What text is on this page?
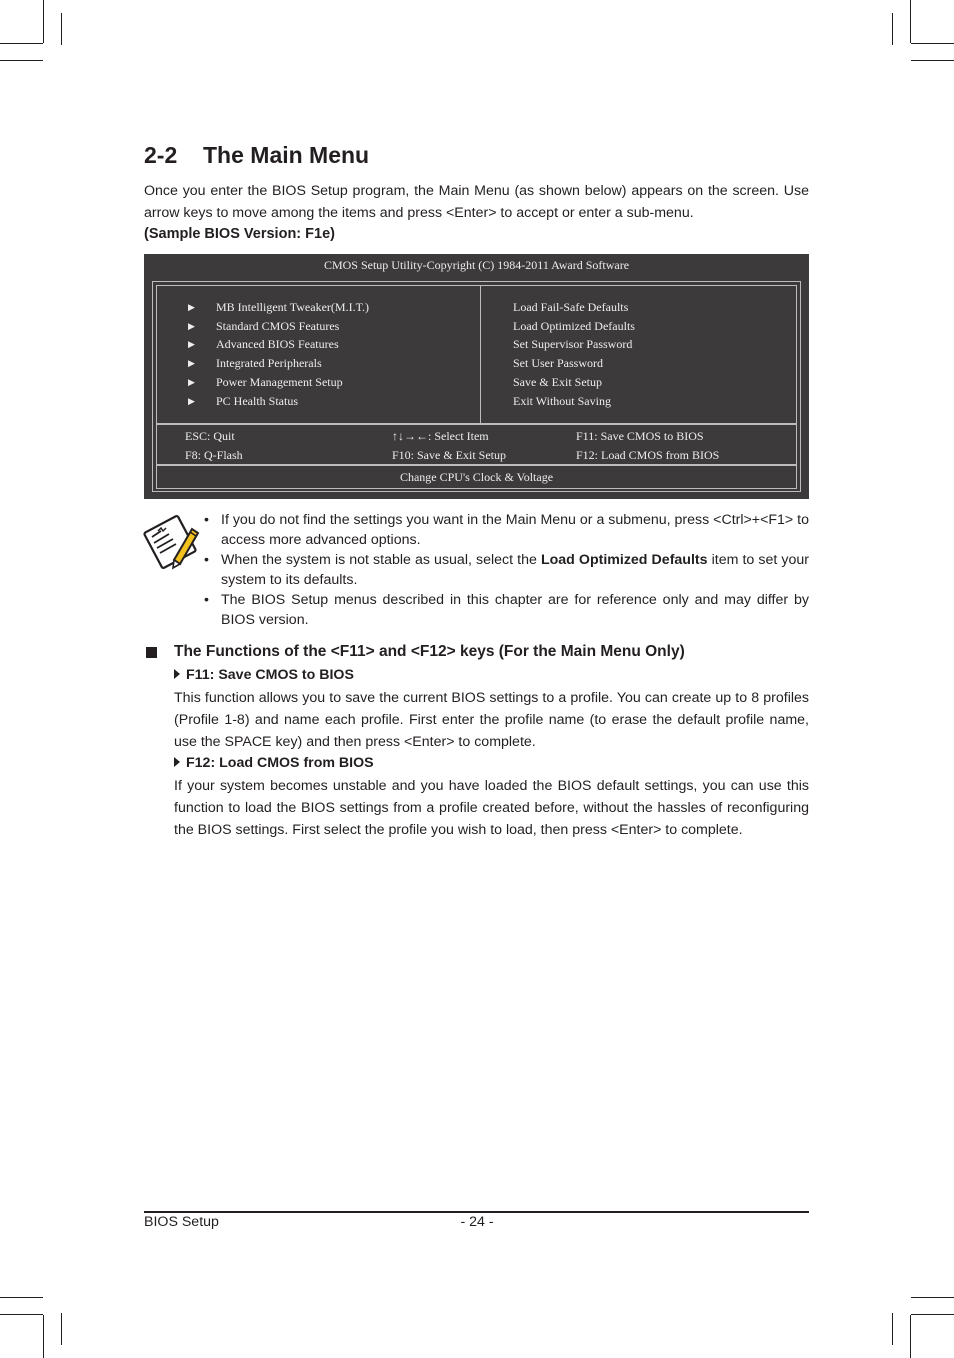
2-2 The Main Menu

Once you enter the BIOS Setup program, the Main Menu (as shown below) appears on the screen. Use arrow keys to move among the items and press <Enter> to accept or enter a sub-menu.

(Sample BIOS Version: F1e)
CMOS Setup Utility-Copyright (C) 1984-2011 Award Software
▶ MB Intelligent Tweaker(M.I.T.)
▶ Standard CMOS Features
▶ Advanced BIOS Features
▶ Integrated Peripherals
▶ Power Management Setup
▶ PC Health Status
Load Fail-Safe Defaults
Load Optimized Defaults
Set Supervisor Password
Set User Password
Save & Exit Setup
Exit Without Saving
ESC: Quit
F8: Q-Flash
↑↓→←: Select Item
F10: Save & Exit Setup
F11: Save CMOS to BIOS
F12: Load CMOS from BIOS
Change CPU's Clock & Voltage
• If you do not find the settings you want in the Main Menu or a submenu, press <Ctrl>+<F1> to access more advanced options.
• When the system is not stable as usual, select the Load Optimized Defaults item to set your system to its defaults.
• The BIOS Setup menus described in this chapter are for reference only and may differ by BIOS version.
The Functions of the <F11> and <F12> keys (For the Main Menu Only)
F11: Save CMOS to BIOS

This function allows you to save the current BIOS settings to a profile. You can create up to 8 profiles (Profile 1-8) and name each profile. First enter the profile name (to erase the default profile name, use the SPACE key) and then press <Enter> to complete.

F12: Load CMOS from BIOS

If your system becomes unstable and you have loaded the BIOS default settings, you can use this function to load the BIOS settings from a profile created before, without the hassles of reconfiguring the BIOS settings. First select the profile you wish to load, then press <Enter> to complete.

BIOS Setup	- 24 -
